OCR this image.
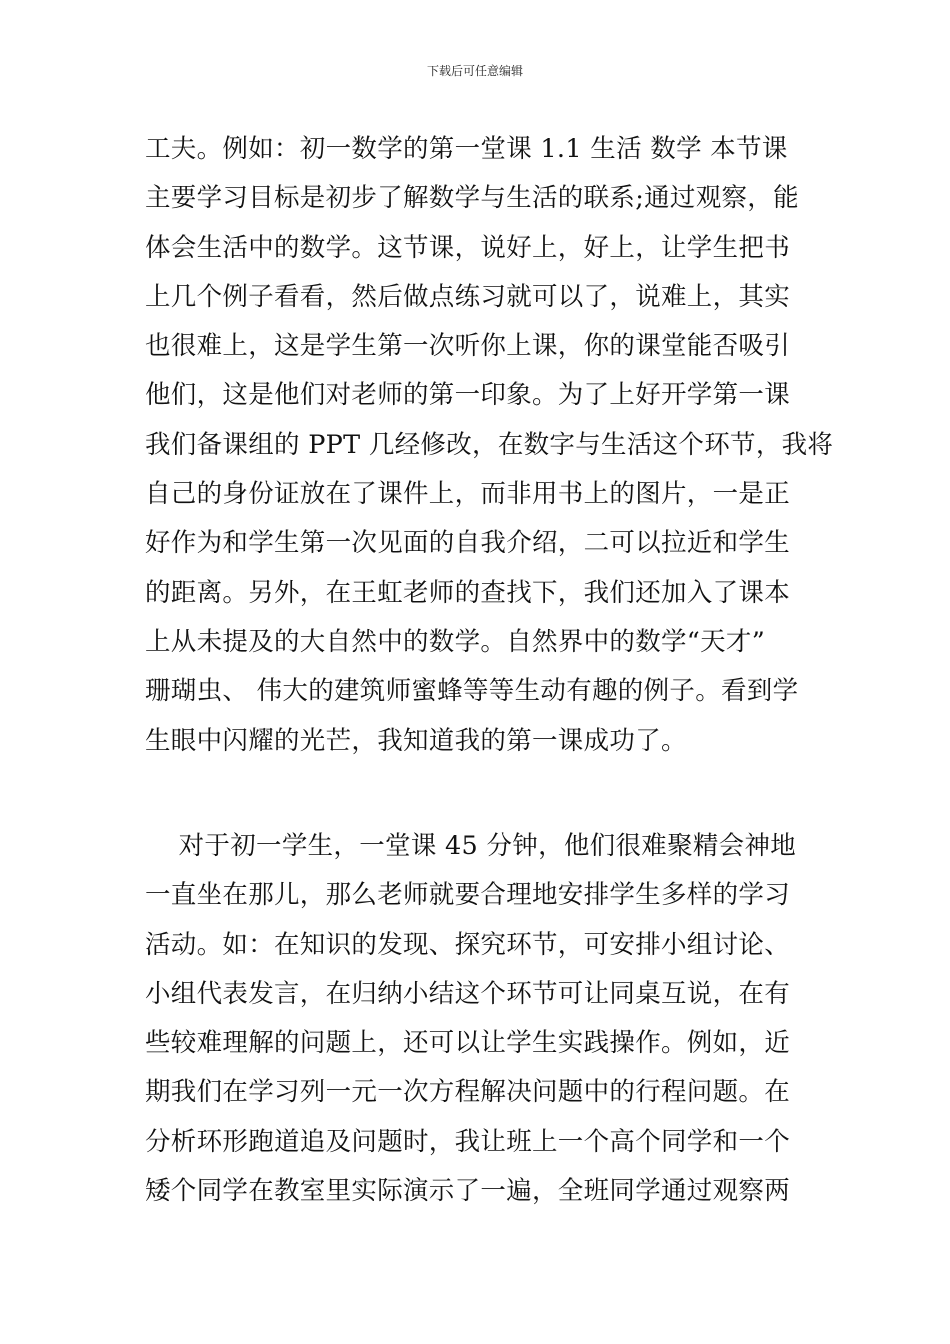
下载后可任意编辑
工夫。例如：初一数学的第一堂课 1.1 生活 数学 本节课
主要学习目标是初步了解数学与生活的联系;通过观察，能
体会生活中的数学。这节课，说好上，好上，让学生把书
上几个例子看看，然后做点练习就可以了，说难上，其实
也很难上，这是学生第一次听你上课，你的课堂能否吸引
他们，这是他们对老师的第一印象。为了上好开学第一课
我们备课组的 PPT 几经修改，在数字与生活这个环节，我将
自己的身份证放在了课件上，而非用书上的图片，一是正
好作为和学生第一次见面的自我介绍，二可以拉近和学生
的距离。另外，在王虹老师的查找下，我们还加入了课本
上从未提及的大自然中的数学。自然界中的数学“天才”
珊瑚虫、 伟大的建筑师蜜蜂等等生动有趣的例子。看到学
生眼中闪耀的光芒，我知道我的第一课成功了。
对于初一学生，一堂课 45 分钟，他们很难聚精会神地
一直坐在那儿，那么老师就要合理地安排学生多样的学习
活动。如：在知识的发现、探究环节，可安排小组讨论、
小组代表发言，在归纳小结这个环节可让同桌互说，在有
些较难理解的问题上，还可以让学生实践操作。例如，近
期我们在学习列一元一次方程解决问题中的行程问题。在
分析环形跑道追及问题时，我让班上一个高个同学和一个
矮个同学在教室里实际演示了一遍，全班同学通过观察两
